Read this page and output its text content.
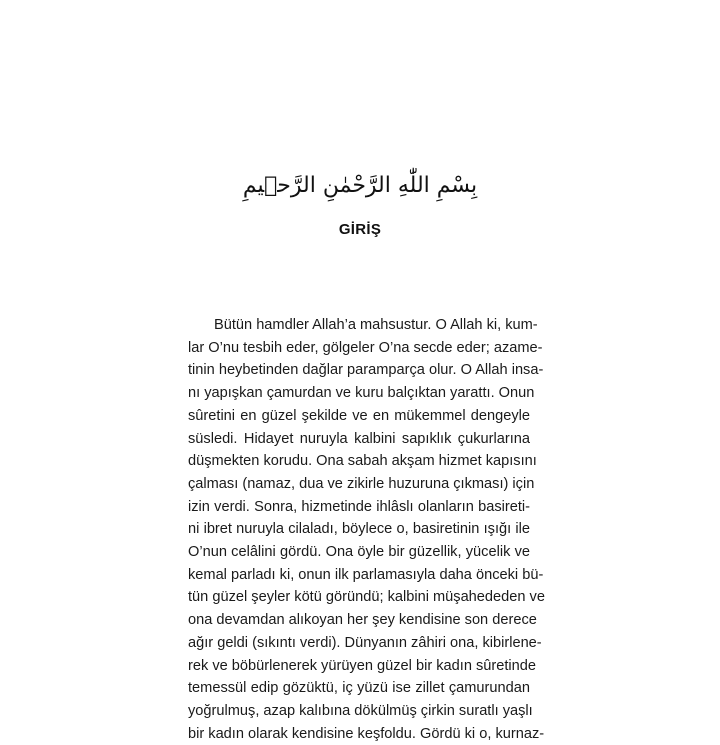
بِسْمِ اللّٰهِ الرَّحْمٰنِ الرَّح۪يمِ
GİRİŞ
Bütün hamdler Allah’a mahsustur. O Allah ki, kum-
lar O’nu tesbih eder, gölgeler O’na secde eder; azame-
tinin heybetinden dağlar paramparça olur. O Allah insa-
nı yapışkan çamurdan ve kuru balçıktan yarattı. Onun
sûretini en güzel şekilde ve en mükemmel dengeyle
süsledi. Hidayet nuruyla kalbini sapıklık çukurlarına
düşmekten korudu. Ona sabah akşam hizmet kapısını
çalması (namaz, dua ve zikirle huzuruna çıkması) için
izin verdi. Sonra, hizmetinde ihlâslı olanların basireti-
ni ibret nuruyla cilaladı, böylece o, basiretinin ışığı ile
O’nun celâlini gördü. Ona öyle bir güzellik, yücelik ve
kemal parladı ki, onun ilk parlamasıyla daha önceki bü-
tün güzel şeyler kötü göründü; kalbini müşahededen ve
ona devamdan alıkoyan her şey kendisine son derece
ağır geldi (sıkıntı verdi). Dünyanın zâhiri ona, kibirlene-
rek ve böbürlenerek yürüyen güzel bir kadın sûretinde
temessül edip gözüktü, iç yüzü ise zillet çamurundan
yoğrulmuş, azap kalıbına dökülmüş çirkin suratlı yaşlı
bir kadın olarak kendisine keşfoldu. Gördü ki o, kurnaz-
